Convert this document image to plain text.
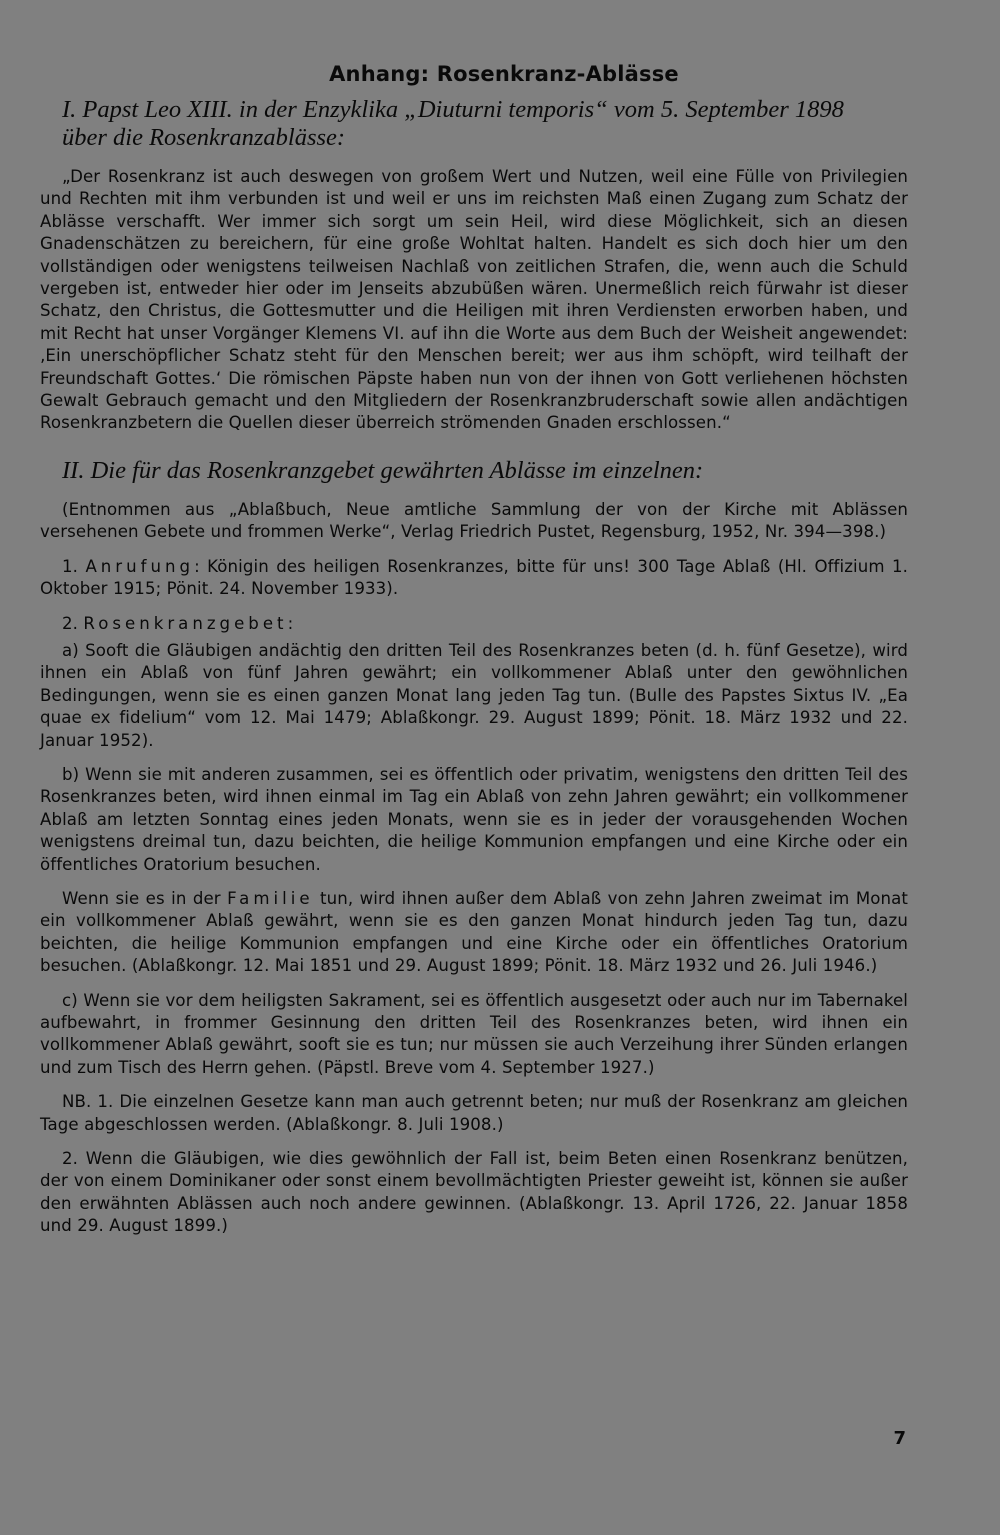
Anhang: Rosenkranz-Ablässe
I. Papst Leo XIII. in der Enzyklika „Diuturni temporis“ vom 5. September 1898
über die Rosenkranzablässe:

„Der Rosenkranz ist auch deswegen von großem Wert und Nutzen, weil eine Fülle von Privilegien und Rechten mit ihm verbunden ist und weil er uns im reichsten Maß einen Zugang zum Schatz der Ablässe verschafft. Wer immer sich sorgt um sein Heil, wird diese Möglichkeit, sich an diesen Gnadenschätzen zu bereichern, für eine große Wohltat halten. Handelt es sich doch hier um den vollständigen oder wenigstens teilweisen Nachlaß von zeitlichen Strafen, die, wenn auch die Schuld vergeben ist, entweder hier oder im Jenseits abzubüßen wären. Unermeßlich reich fürwahr ist dieser Schatz, den Christus, die Gottesmutter und die Heiligen mit ihren Verdiensten erworben haben, und mit Recht hat unser Vorgänger Klemens VI. auf ihn die Worte aus dem Buch der Weisheit angewendet: ‚Ein unerschöpflicher Schatz steht für den Menschen bereit; wer aus ihm schöpft, wird teilhaft der Freundschaft Gottes.‘ Die römischen Päpste haben nun von der ihnen von Gott verliehenen höchsten Gewalt Gebrauch gemacht und den Mitgliedern der Rosenkranzbruderschaft sowie allen andächtigen Rosenkranzbetern die Quellen dieser überreich strömenden Gnaden erschlossen.“

II. Die für das Rosenkranzgebet gewährten Ablässe im einzelnen:

(Entnommen aus „Ablaßbuch, Neue amtliche Sammlung der von der Kirche mit Ablässen versehenen Gebete und frommen Werke“, Verlag Friedrich Pustet, Regensburg, 1952, Nr. 394—398.)

1. Anrufung: Königin des heiligen Rosenkranzes, bitte für uns! 300 Tage Ablaß (Hl. Offizium 1. Oktober 1915; Pönit. 24. November 1933).

2. Rosenkranzgebet:

a) Sooft die Gläubigen andächtig den dritten Teil des Rosenkranzes beten (d. h. fünf Gesetze), wird ihnen ein Ablaß von fünf Jahren gewährt; ein vollkommener Ablaß unter den gewöhnlichen Bedingungen, wenn sie es einen ganzen Monat lang jeden Tag tun. (Bulle des Papstes Sixtus IV. „Ea quae ex fidelium“ vom 12. Mai 1479; Ablaßkongr. 29. August 1899; Pönit. 18. März 1932 und 22. Januar 1952).

b) Wenn sie mit anderen zusammen, sei es öffentlich oder privatim, wenigstens den dritten Teil des Rosenkranzes beten, wird ihnen einmal im Tag ein Ablaß von zehn Jahren gewährt; ein vollkommener Ablaß am letzten Sonntag eines jeden Monats, wenn sie es in jeder der vorausgehenden Wochen wenigstens dreimal tun, dazu beichten, die heilige Kommunion empfangen und eine Kirche oder ein öffentliches Oratorium besuchen.

Wenn sie es in der Familie tun, wird ihnen außer dem Ablaß von zehn Jahren zweimat im Monat ein vollkommener Ablaß gewährt, wenn sie es den ganzen Monat hindurch jeden Tag tun, dazu beichten, die heilige Kommunion empfangen und eine Kirche oder ein öffentliches Oratorium besuchen. (Ablaßkongr. 12. Mai 1851 und 29. August 1899; Pönit. 18. März 1932 und 26. Juli 1946.)

c) Wenn sie vor dem heiligsten Sakrament, sei es öffentlich ausgesetzt oder auch nur im Tabernakel aufbewahrt, in frommer Gesinnung den dritten Teil des Rosenkranzes beten, wird ihnen ein vollkommener Ablaß gewährt, sooft sie es tun; nur müssen sie auch Verzeihung ihrer Sünden erlangen und zum Tisch des Herrn gehen. (Päpstl. Breve vom 4. September 1927.)

NB. 1. Die einzelnen Gesetze kann man auch getrennt beten; nur muß der Rosenkranz am gleichen Tage abgeschlossen werden. (Ablaßkongr. 8. Juli 1908.)

2. Wenn die Gläubigen, wie dies gewöhnlich der Fall ist, beim Beten einen Rosenkranz benützen, der von einem Dominikaner oder sonst einem bevollmächtigten Priester geweiht ist, können sie außer den erwähnten Ablässen auch noch andere gewinnen. (Ablaßkongr. 13. April 1726, 22. Januar 1858 und 29. August 1899.)

7
